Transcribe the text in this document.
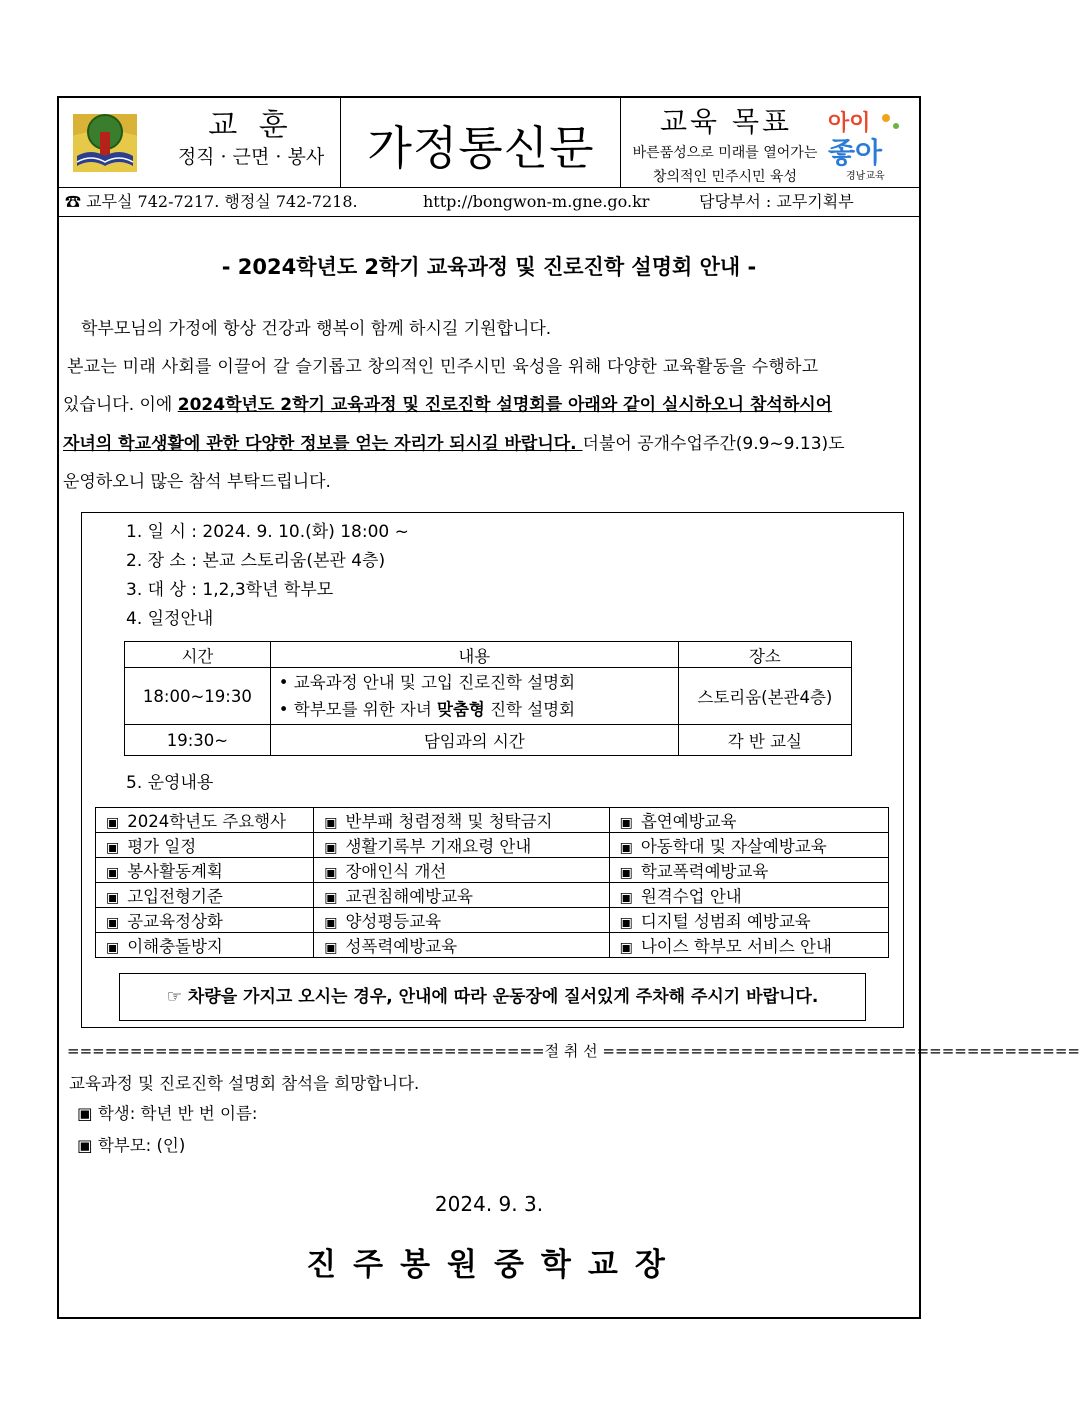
교 훈
정직 · 근면 · 봉사 가정통신문	교육 목표
바른품성으로 미래를 열어가는
창의적인 민주시민 육성
아이
좋아
경남교육
☎ 교무실 742-7217. 행정실 742-7218.	http://bongwon-m.gne.go.kr	담당부서 : 교무기획부
- 2024학년도 2학기 교육과정 및 진로진학 설명회 안내 -
학부모님의 가정에 항상 건강과 행복이 함께 하시길 기원합니다.
본교는 미래 사회를 이끌어 갈 슬기롭고 창의적인 민주시민 육성을 위해 다양한 교육활동을 수행하고
있습니다. 이에 2024학년도 2학기 교육과정 및 진로진학 설명회를 아래와 같이 실시하오니 참석하시어
자녀의 학교생활에 관한 다양한 정보를 얻는 자리가 되시길 바랍니다. 더불어 공개수업주간(9.9~9.13)도
운영하오니 많은 참석 부탁드립니다.
1. 일 시 : 2024. 9. 10.(화) 18:00 ~
2. 장 소 : 본교 스토리움(본관 4층)
3. 대 상 : 1,2,3학년 학부모
4. 일정안내
시간	내용	장소
18:00~19:30	• 교육과정 안내 및 고입 진로진학 설명회
• 학부모를 위한 자녀 맞춤형 진학 설명회	스토리움(본관4층)
19:30~	담임과의 시간	각 반 교실
5. 운영내용
▣ 2024학년도 주요행사	▣ 반부패 청렴정책 및 청탁금지	▣ 흡연예방교육
▣ 평가 일정	▣ 생활기록부 기재요령 안내	▣ 아동학대 및 자살예방교육
▣ 봉사활동계획	▣ 장애인식 개선	▣ 학교폭력예방교육
▣ 고입전형기준	▣ 교권침해예방교육	▣ 원격수업 안내
▣ 공교육정상화	▣ 양성평등교육	▣ 디지털 성범죄 예방교육
▣ 이해충돌방지	▣ 성폭력예방교육	▣ 나이스 학부모 서비스 안내
☞ 차량을 가지고 오시는 경우, 안내에 따라 운동장에 질서있게 주차해 주시기 바랍니다.
======================================절 취 선 ======================================
교육과정 및 진로진학 설명회 참석을 희망합니다.
▣ 학생: 학년 반 번 이름:
▣ 학부모: (인)
2024. 9. 3.
진주봉원중학교장
